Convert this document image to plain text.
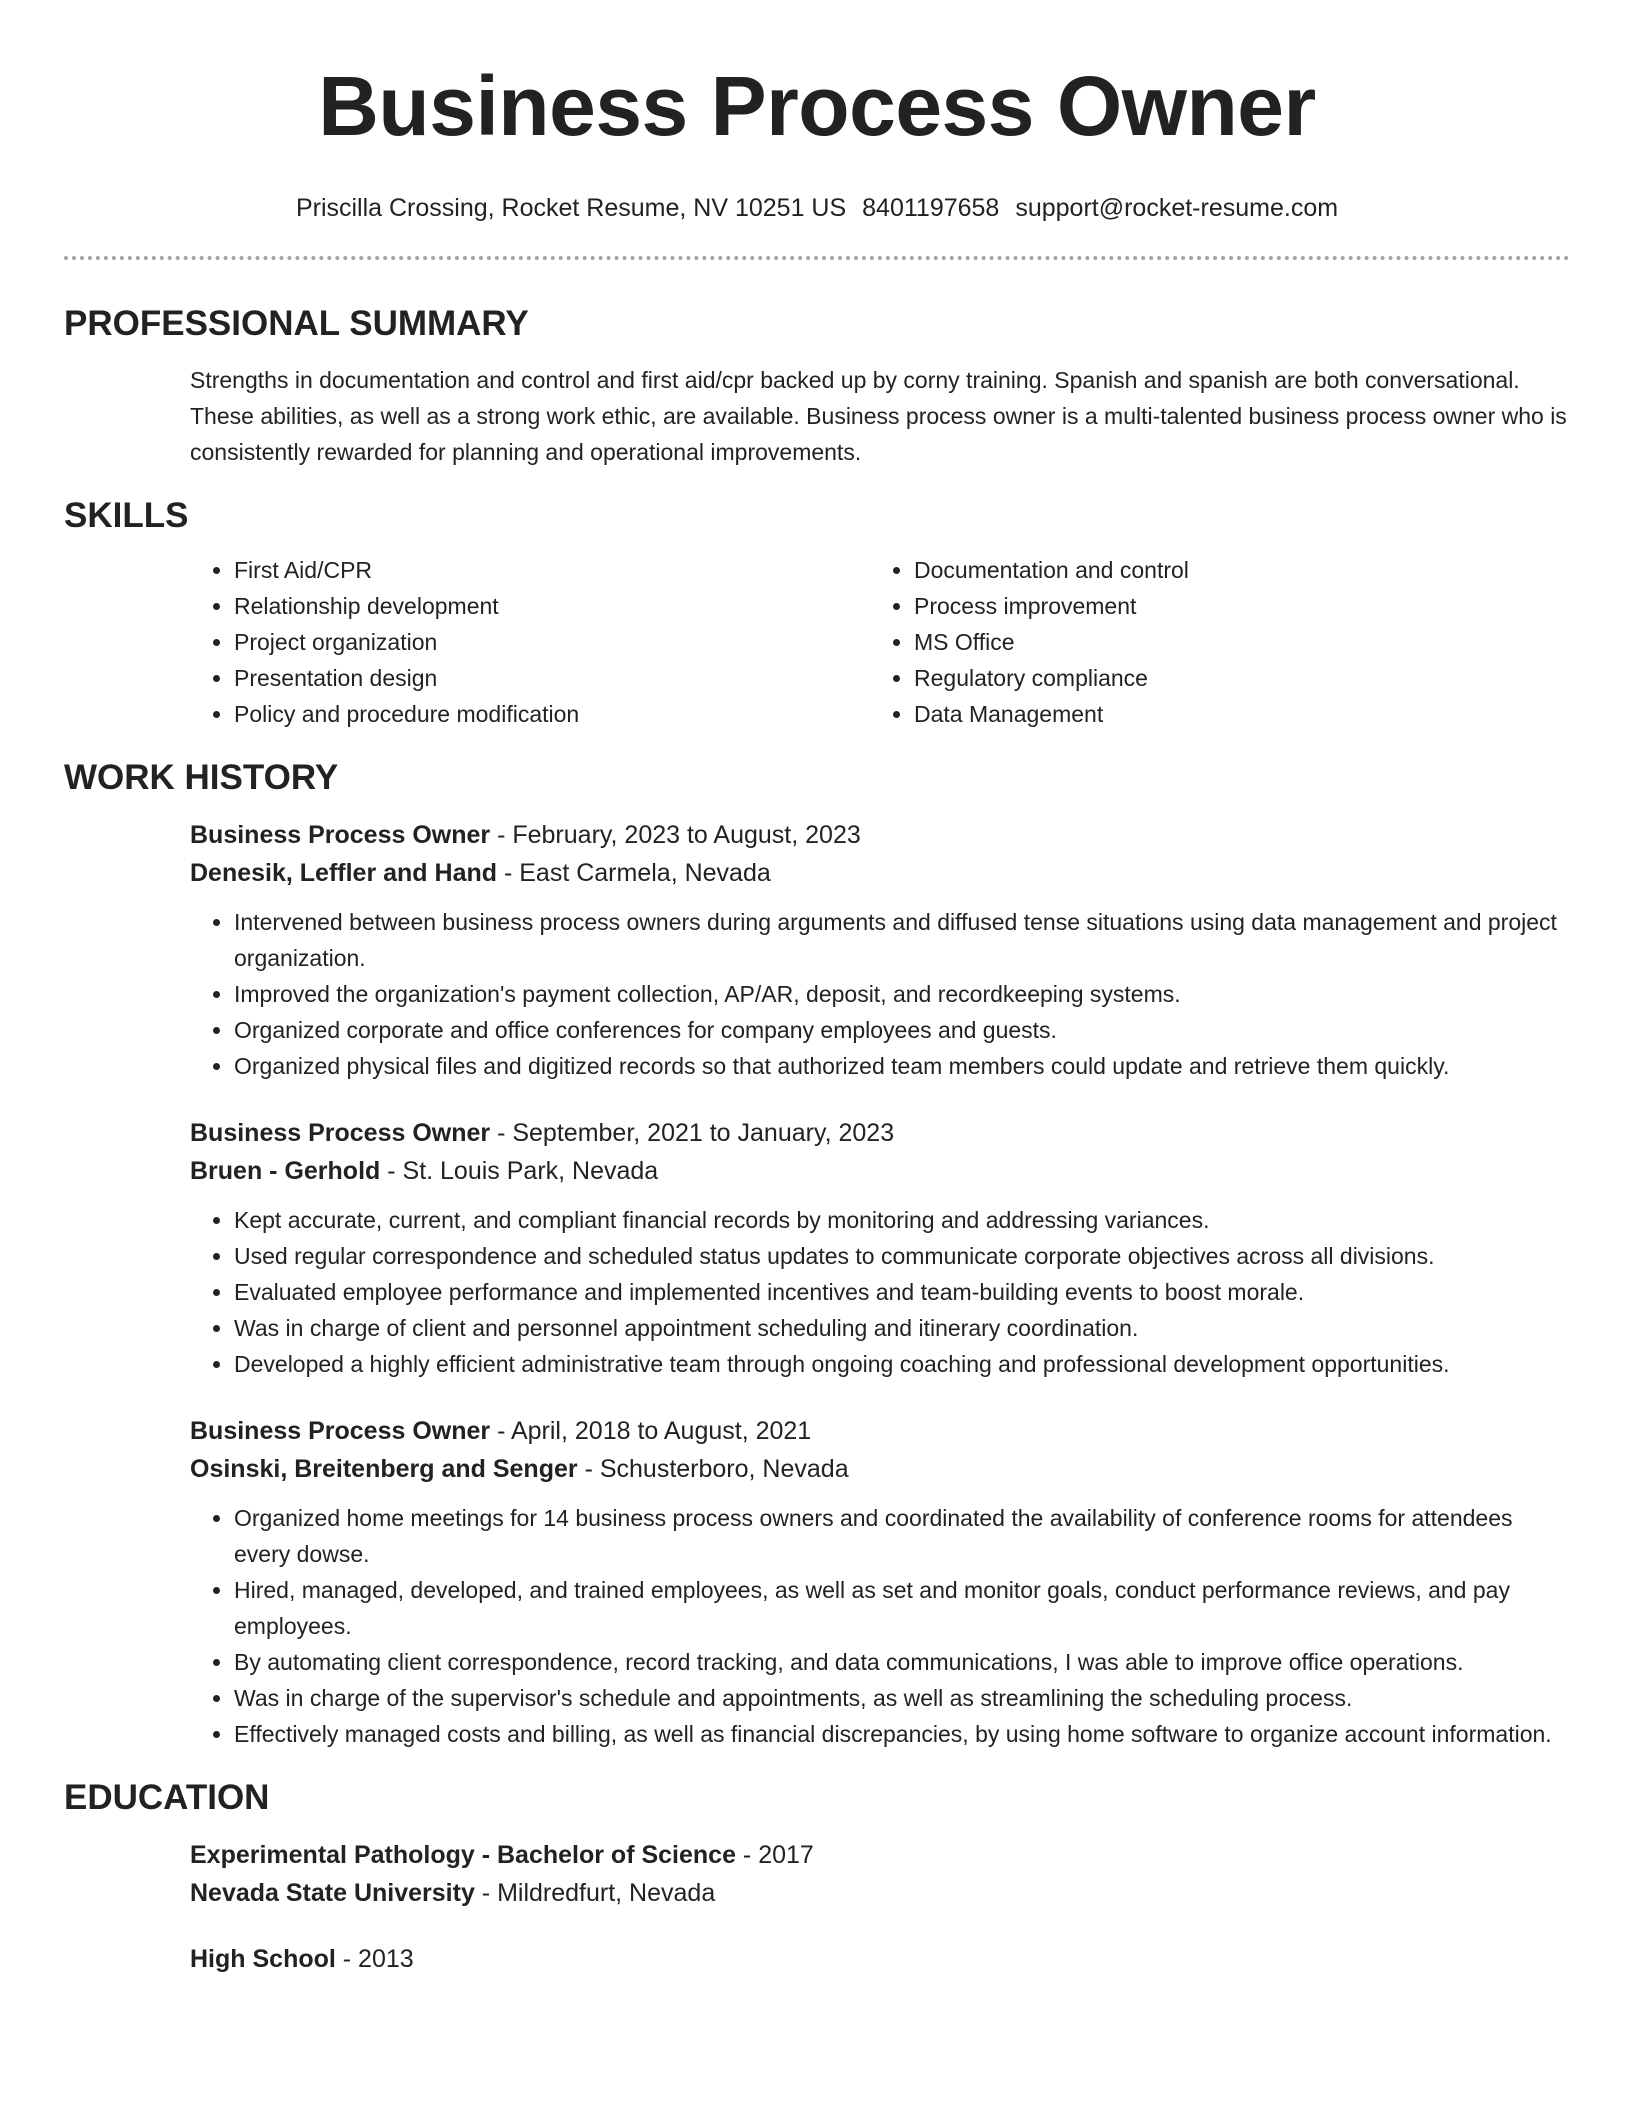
Business Process Owner
Priscilla Crossing, Rocket Resume, NV 10251 US 8401197658 support@rocket-resume.com
PROFESSIONAL SUMMARY

Strengths in documentation and control and first aid/cpr backed up by corny training. Spanish and spanish are both conversational. These abilities, as well as a strong work ethic, are available. Business process owner is a multi-talented business process owner who is consistently rewarded for planning and operational improvements.

SKILLS
• First Aid/CPR
• Relationship development
• Project organization
• Presentation design
• Policy and procedure modification
• Documentation and control
• Process improvement
• MS Office
• Regulatory compliance
• Data Management
WORK HISTORY

Business Process Owner - February, 2023 to August, 2023

Denesik, Leffler and Hand - East Carmela, Nevada

• Intervened between business process owners during arguments and diffused tense situations using data management and project organization.
• Improved the organization's payment collection, AP/AR, deposit, and recordkeeping systems.
• Organized corporate and office conferences for company employees and guests.
• Organized physical files and digitized records so that authorized team members could update and retrieve them quickly.

Business Process Owner - September, 2021 to January, 2023

Bruen - Gerhold - St. Louis Park, Nevada

• Kept accurate, current, and compliant financial records by monitoring and addressing variances.
• Used regular correspondence and scheduled status updates to communicate corporate objectives across all divisions.
• Evaluated employee performance and implemented incentives and team-building events to boost morale.
• Was in charge of client and personnel appointment scheduling and itinerary coordination.
• Developed a highly efficient administrative team through ongoing coaching and professional development opportunities.

Business Process Owner - April, 2018 to August, 2021

Osinski, Breitenberg and Senger - Schusterboro, Nevada

• Organized home meetings for 14 business process owners and coordinated the availability of conference rooms for attendees every dowse.
• Hired, managed, developed, and trained employees, as well as set and monitor goals, conduct performance reviews, and pay employees.
• By automating client correspondence, record tracking, and data communications, I was able to improve office operations.
• Was in charge of the supervisor's schedule and appointments, as well as streamlining the scheduling process.
• Effectively managed costs and billing, as well as financial discrepancies, by using home software to organize account information.
EDUCATION

Experimental Pathology - Bachelor of Science - 2017

Nevada State University - Mildredfurt, Nevada

High School - 2013
